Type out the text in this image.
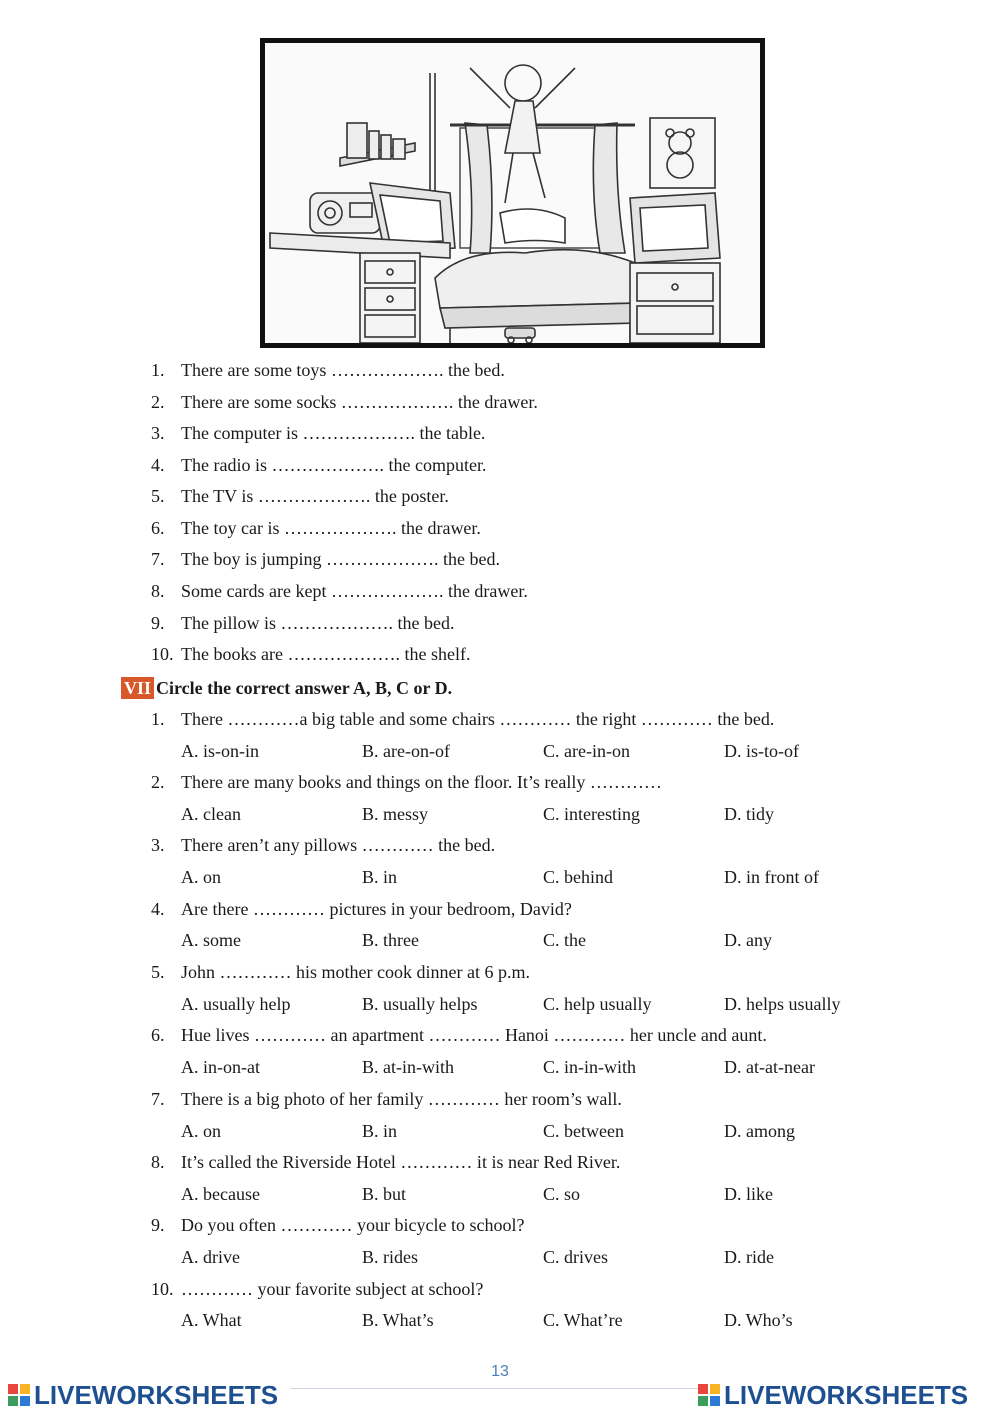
1. There are some toys ………………. the bed.
2. There are some socks ………………. the drawer.
3. The computer is ………………. the table.
4. The radio is ………………. the computer.
5. The TV is ………………. the poster.
6. The toy car is ………………. the drawer.
7. The boy is jumping ………………. the bed.
8. Some cards are kept ………………. the drawer.
9. The pillow is ………………. the bed.
10. The books are ………………. the shelf.
VII Circle the correct answer A, B, C or D.
1. There …………a big table and some chairs ………… the right ………… the bed.
A. is-on-in	B. are-on-of	C. are-in-on	D. is-to-of
2. There are many books and things on the floor. It’s really …………
A. clean	B. messy	C. interesting	D. tidy
3. There aren’t any pillows ………… the bed.
A. on	B. in	C. behind	D. in front of
4. Are there ………… pictures in your bedroom, David?
A. some	B. three	C. the	D. any
5. John ………… his mother cook dinner at 6 p.m.
A. usually help	B. usually helps	C. help usually	D. helps usually
6. Hue lives ………… an apartment ………… Hanoi ………… her uncle and aunt.
A. in-on-at	B. at-in-with	C. in-in-with	D. at-at-near
7. There is a big photo of her family ………… her room’s wall.
A. on	B. in	C. between	D. among
8. It’s called the Riverside Hotel ………… it is near Red River.
A. because	B. but	C. so	D. like
9. Do you often ………… your bicycle to school?
A. drive	B. rides	C. drives	D. ride
10. ………… your favorite subject at school?
A. What	B. What’s	C. What’re	D. Who’s
13
LIVEWORKSHEETS	LIVEWORKSHEETS
